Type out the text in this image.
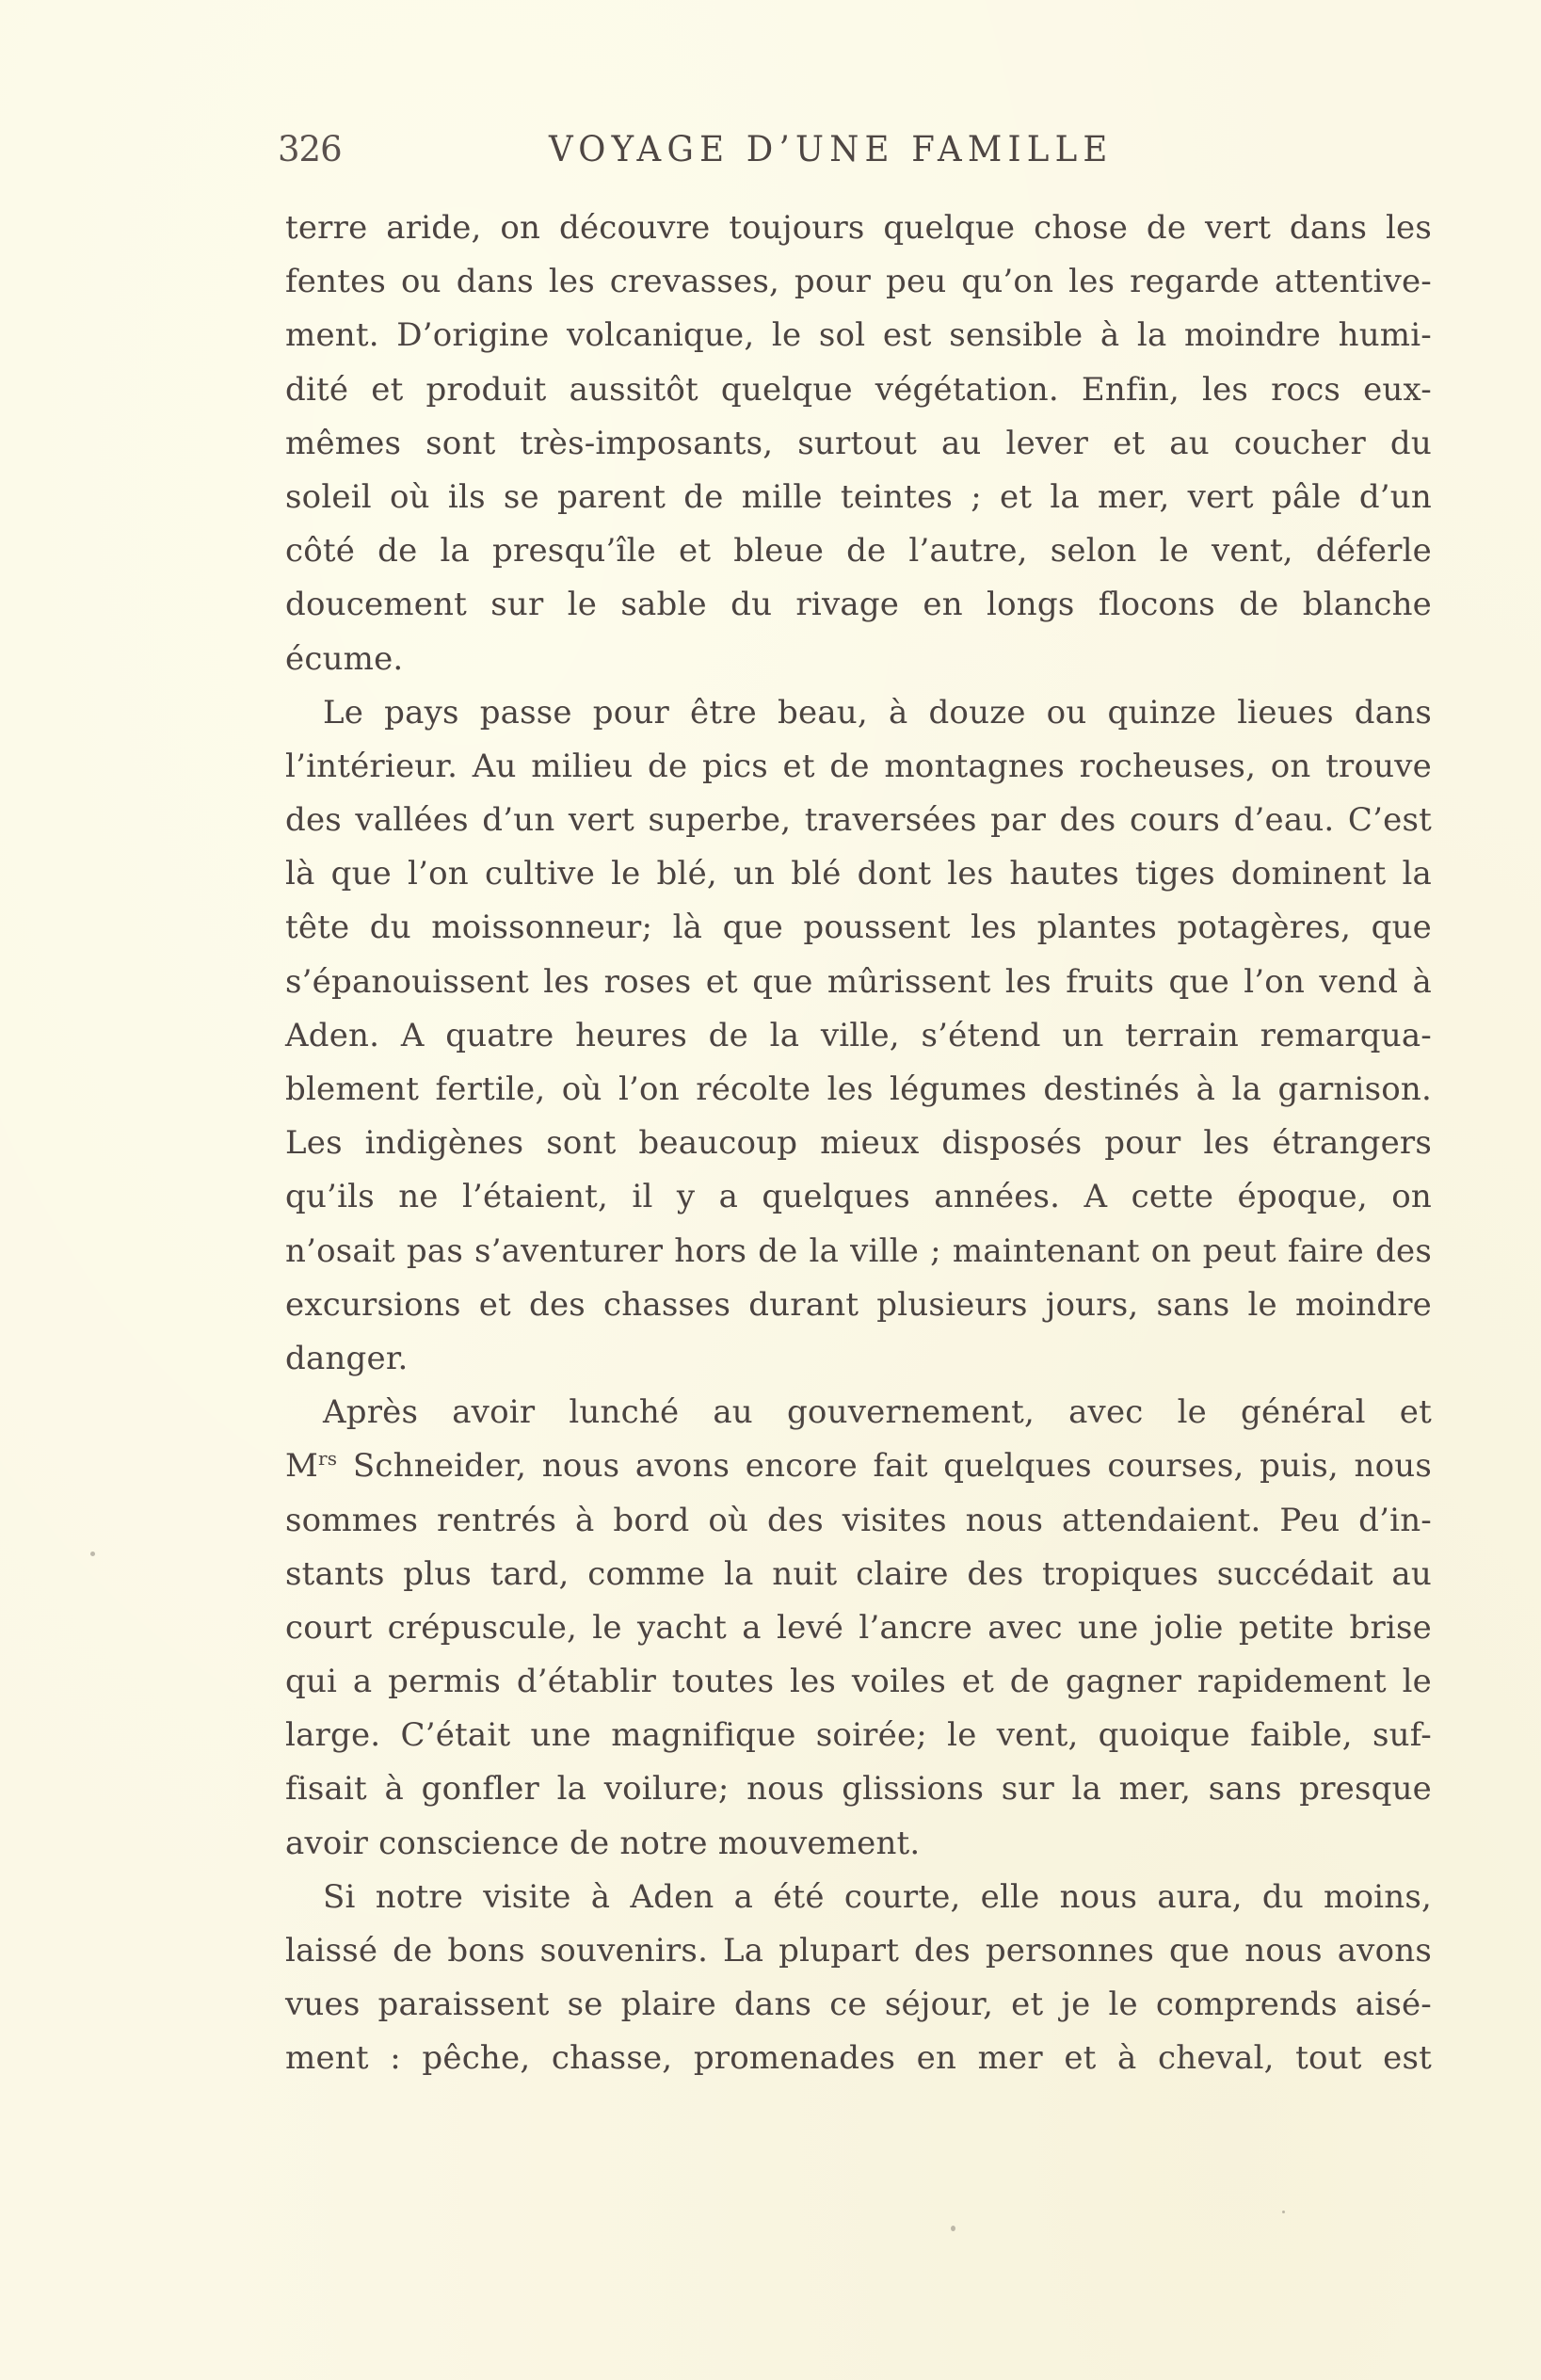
326	VOYAGE D’UNE FAMILLE
terre aride, on découvre toujours quelque chose de vert dans les
fentes ou dans les crevasses, pour peu qu’on les regarde attentive-
ment. D’origine volcanique, le sol est sensible à la moindre humi-
dité et produit aussitôt quelque végétation. Enfin, les rocs eux-
mêmes sont très-imposants, surtout au lever et au coucher du
soleil où ils se parent de mille teintes ; et la mer, vert pâle d’un
côté de la presqu’île et bleue de l’autre, selon le vent, déferle
doucement sur le sable du rivage en longs flocons de blanche
écume.
Le pays passe pour être beau, à douze ou quinze lieues dans
l’intérieur. Au milieu de pics et de montagnes rocheuses, on trouve
des vallées d’un vert superbe, traversées par des cours d’eau. C’est
là que l’on cultive le blé, un blé dont les hautes tiges dominent la
tête du moissonneur; là que poussent les plantes potagères, que
s’épanouissent les roses et que mûrissent les fruits que l’on vend à
Aden. A quatre heures de la ville, s’étend un terrain remarqua-
blement fertile, où l’on récolte les légumes destinés à la garnison.
Les indigènes sont beaucoup mieux disposés pour les étrangers
qu’ils ne l’étaient, il y a quelques années. A cette époque, on
n’osait pas s’aventurer hors de la ville ; maintenant on peut faire des
excursions et des chasses durant plusieurs jours, sans le moindre
danger.
Après avoir lunché au gouvernement, avec le général et
$M^{rs}$ Schneider, nous avons encore fait quelques courses, puis, nous
sommes rentrés à bord où des visites nous attendaient. Peu d’in-
stants plus tard, comme la nuit claire des tropiques succédait au
court crépuscule, le yacht a levé l’ancre avec une jolie petite brise
qui a permis d’établir toutes les voiles et de gagner rapidement le
large. C’était une magnifique soirée; le vent, quoique faible, suf-
fisait à gonfler la voilure; nous glissions sur la mer, sans presque
avoir conscience de notre mouvement.
Si notre visite à Aden a été courte, elle nous aura, du moins,
laissé de bons souvenirs. La plupart des personnes que nous avons
vues paraissent se plaire dans ce séjour, et je le comprends aisé-
ment : pêche, chasse, promenades en mer et à cheval, tout est
